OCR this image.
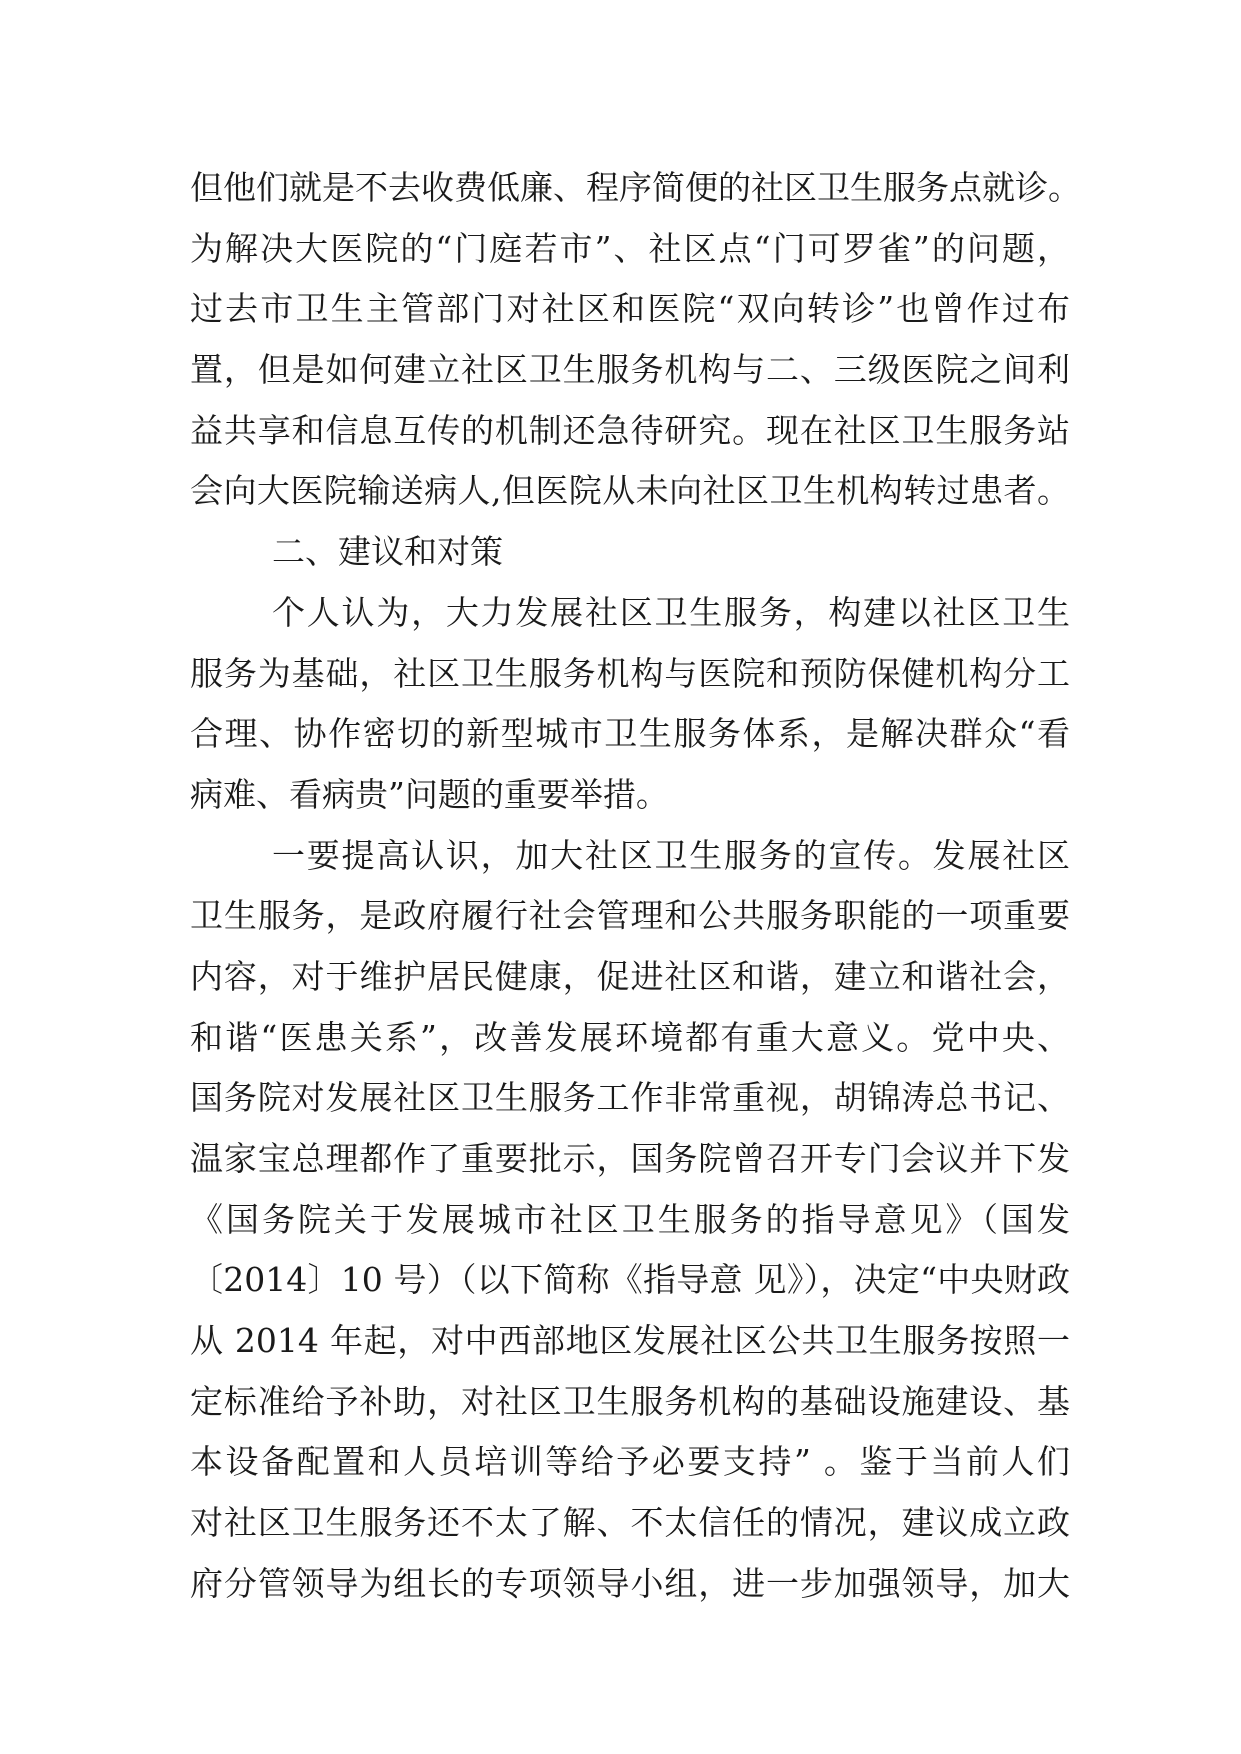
但他们就是不去收费低廉、程序简便的社区卫生服务点就诊。
为解决大医院的“门庭若市”、社区点“门可罗雀”的问题，
过去市卫生主管部门对社区和医院“双向转诊”也曾作过布
置，但是如何建立社区卫生服务机构与二、三级医院之间利
益共享和信息互传的机制还急待研究。现在社区卫生服务站
会向大医院输送病人,但医院从未向社区卫生机构转过患者。
二、建议和对策
个人认为，大力发展社区卫生服务，构建以社区卫生
服务为基础，社区卫生服务机构与医院和预防保健机构分工
合理、协作密切的新型城市卫生服务体系，是解决群众“看
病难、看病贵”问题的重要举措。
一要提高认识，加大社区卫生服务的宣传。发展社区
卫生服务，是政府履行社会管理和公共服务职能的一项重要
内容，对于维护居民健康，促进社区和谐，建立和谐社会，
和谐“医患关系”，改善发展环境都有重大意义。党中央、
国务院对发展社区卫生服务工作非常重视，胡锦涛总书记、
温家宝总理都作了重要批示，国务院曾召开专门会议并下发
《国务院关于发展城市社区卫生服务的指导意见》（国发
〔2014〕10 号）（以下简称《指导意 见》），决定“中央财政
从 2014 年起，对中西部地区发展社区公共卫生服务按照一
定标准给予补助，对社区卫生服务机构的基础设施建设、基
本设备配置和人员培训等给予必要支持” 。鉴于当前人们
对社区卫生服务还不太了解、不太信任的情况，建议成立政
府分管领导为组长的专项领导小组，进一步加强领导，加大
